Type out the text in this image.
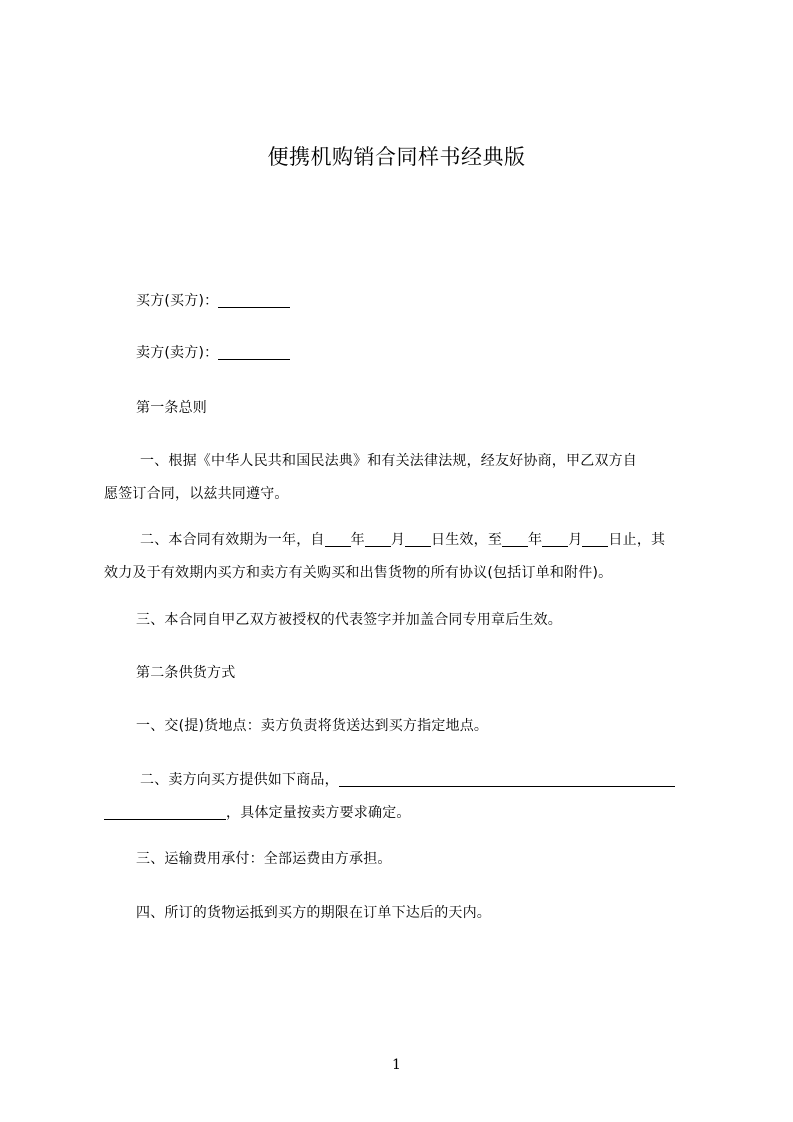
便携机购销合同样书经典版
买方(买方)：
卖方(卖方)：
第一条总则
一、根据《中华人民共和国民法典》和有关法律法规，经友好协商，甲乙双方自
愿签订合同，以兹共同遵守。
二、本合同有效期为一年，自 年 月 日生效，至 年 月 日止，其
效力及于有效期内买方和卖方有关购买和出售货物的所有协议(包括订单和附件)。
三、本合同自甲乙双方被授权的代表签字并加盖合同专用章后生效。
第二条供货方式
一、交(提)货地点：卖方负责将货送达到买方指定地点。
二、卖方向买方提供如下商品，
，具体定量按卖方要求确定。
三、运输费用承付：全部运费由方承担。
四、所订的货物运抵到买方的期限在订单下达后的天内。
1
